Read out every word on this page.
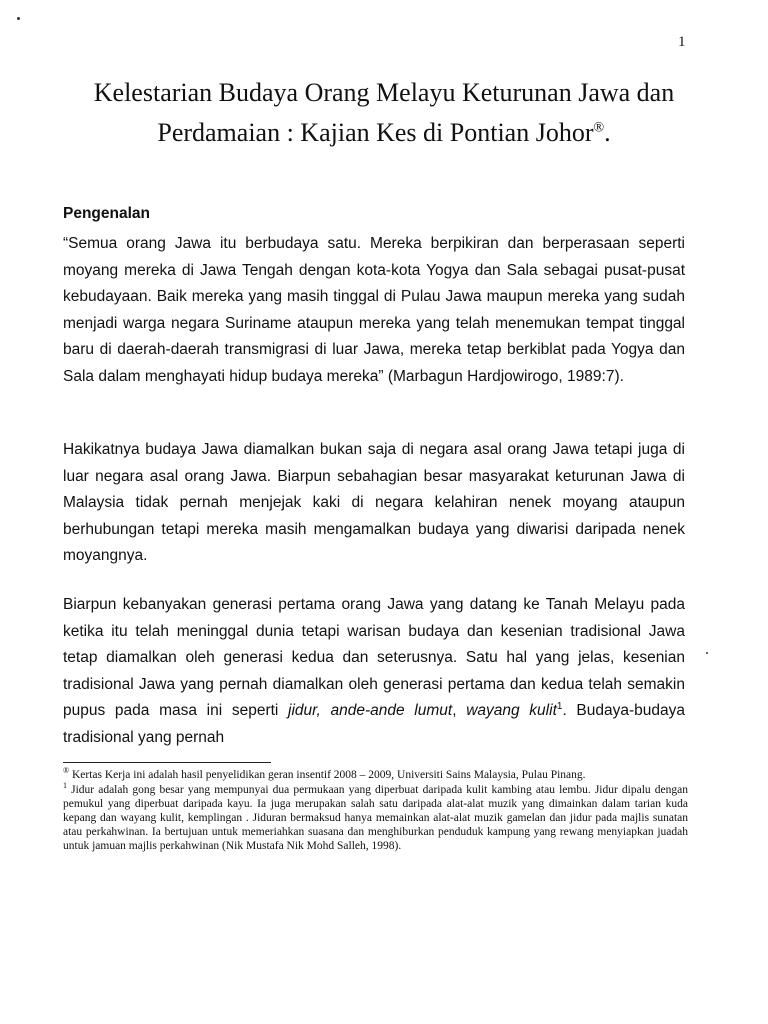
1
Kelestarian Budaya Orang Melayu Keturunan Jawa dan
Perdamaian : Kajian Kes di Pontian Johor®.
Pengenalan

“Semua orang Jawa itu berbudaya satu. Mereka berpikiran dan berperasaan seperti moyang mereka di Jawa Tengah dengan kota-kota Yogya dan Sala sebagai pusat-pusat kebudayaan. Baik mereka yang masih tinggal di Pulau Jawa maupun mereka yang sudah menjadi warga negara Suriname ataupun mereka yang telah menemukan tempat tinggal baru di daerah-daerah transmigrasi di luar Jawa, mereka tetap berkiblat pada Yogya dan Sala dalam menghayati hidup budaya mereka” (Marbagun Hardjowirogo, 1989:7).

Hakikatnya budaya Jawa diamalkan bukan saja di negara asal orang Jawa tetapi juga di luar negara asal orang Jawa. Biarpun sebahagian besar masyarakat keturunan Jawa di Malaysia tidak pernah menjejak kaki di negara kelahiran nenek moyang ataupun berhubungan tetapi mereka masih mengamalkan budaya yang diwarisi daripada nenek moyangnya.

Biarpun kebanyakan generasi pertama orang Jawa yang datang ke Tanah Melayu pada ketika itu telah meninggal dunia tetapi warisan budaya dan kesenian tradisional Jawa tetap diamalkan oleh generasi kedua dan seterusnya. Satu hal yang jelas, kesenian tradisional Jawa yang pernah diamalkan oleh generasi pertama dan kedua telah semakin pupus pada masa ini seperti jidur, ande-ande lumut, wayang kulit$^1$. Budaya-budaya tradisional yang pernah

® Kertas Kerja ini adalah hasil penyelidikan geran insentif 2008 – 2009, Universiti Sains Malaysia, Pulau Pinang.

$^1$ Jidur adalah gong besar yang mempunyai dua permukaan yang diperbuat daripada kulit kambing atau lembu. Jidur dipalu dengan pemukul yang diperbuat daripada kayu. Ia juga merupakan salah satu daripada alat-alat muzik yang dimainkan dalam tarian kuda kepang dan wayang kulit, kemplingan . Jiduran bermaksud hanya memainkan alat-alat muzik gamelan dan jidur pada majlis sunatan atau perkahwinan. Ia bertujuan untuk memeriahkan suasana dan menghiburkan penduduk kampung yang rewang menyiapkan juadah untuk jamuan majlis perkahwinan (Nik Mustafa Nik Mohd Salleh, 1998).
